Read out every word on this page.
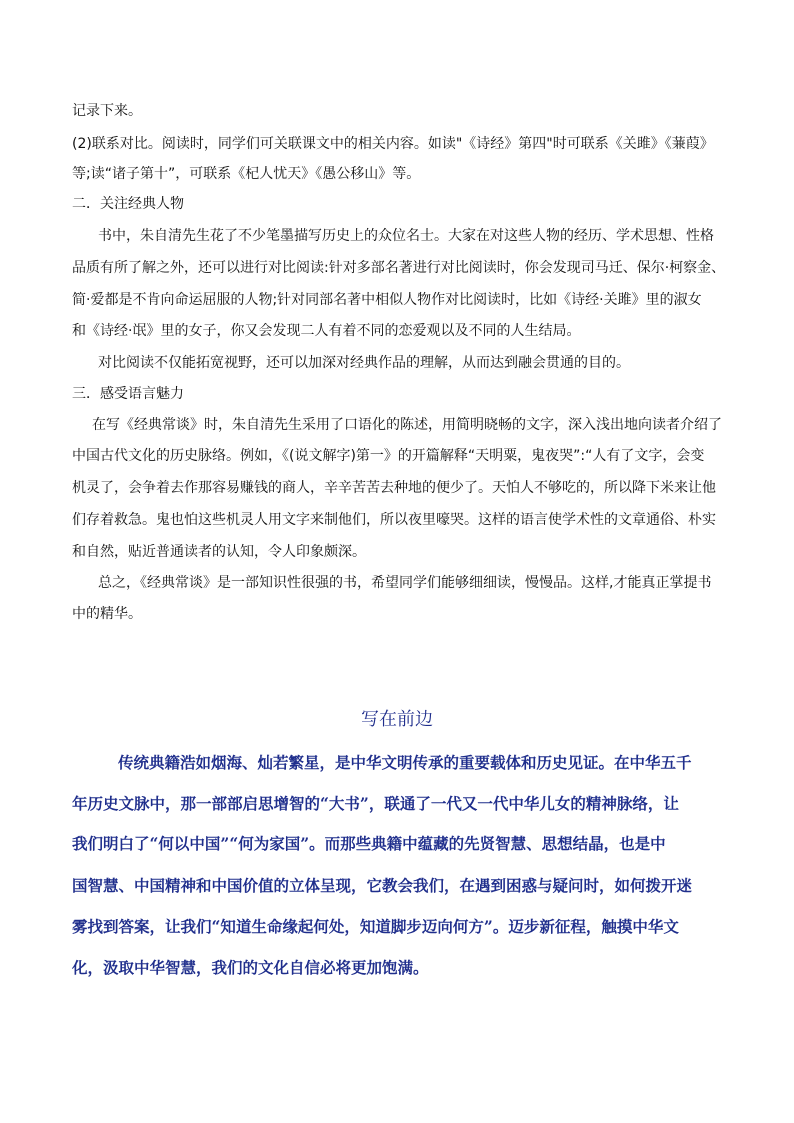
记录下来。
(2)联系对比。阅读时，同学们可关联课文中的相关内容。如读"《诗经》第四"时可联系《关雎》《蒹葭》
等;读“诸子第十”，可联系《杞人忧天》《愚公移山》等。
二．关注经典人物
书中，朱自清先生花了不少笔墨描写历史上的众位名士。大家在对这些人物的经历、学术思想、性格
品质有所了解之外，还可以进行对比阅读:针对多部名著进行对比阅读时，你会发现司马迁、保尔·柯察金、
简·爱都是不肯向命运屈服的人物;针对同部名著中相似人物作对比阅读时，比如《诗经·关雎》里的淑女
和《诗经·氓》里的女子，你又会发现二人有着不同的恋爱观以及不同的人生结局。
对比阅读不仅能拓宽视野，还可以加深对经典作品的理解，从而达到融会贯通的目的。
三．感受语言魅力
在写《经典常谈》时，朱自清先生采用了口语化的陈述，用简明晓畅的文字，深入浅出地向读者介绍了
中国古代文化的历史脉络。例如，《(说文解字)第一》的开篇解释“天明粟，鬼夜哭”:“人有了文字，会变
机灵了，会争着去作那容易赚钱的商人，辛辛苦苦去种地的便少了。天怕人不够吃的，所以降下米来让他
们存着救急。鬼也怕这些机灵人用文字来制他们，所以夜里嚎哭。这样的语言使学术性的文章通俗、朴实
和自然，贴近普通读者的认知，令人印象颇深。
总之，《经典常谈》是一部知识性很强的书，希望同学们能够细细读，慢慢品。这样,才能真正掌提书
中的精华。
写在前边
传统典籍浩如烟海、灿若繁星，是中华文明传承的重要载体和历史见证。在中华五千
年历史文脉中，那一部部启思增智的“大书”，联通了一代又一代中华儿女的精神脉络，让
我们明白了“何以中国”“何为家国”。而那些典籍中蕴藏的先贤智慧、思想结晶，也是中
国智慧、中国精神和中国价值的立体呈现，它教会我们，在遇到困惑与疑问时，如何拨开迷
雾找到答案，让我们“知道生命缘起何处，知道脚步迈向何方”。迈步新征程，触摸中华文
化，汲取中华智慧，我们的文化自信必将更加饱满。
